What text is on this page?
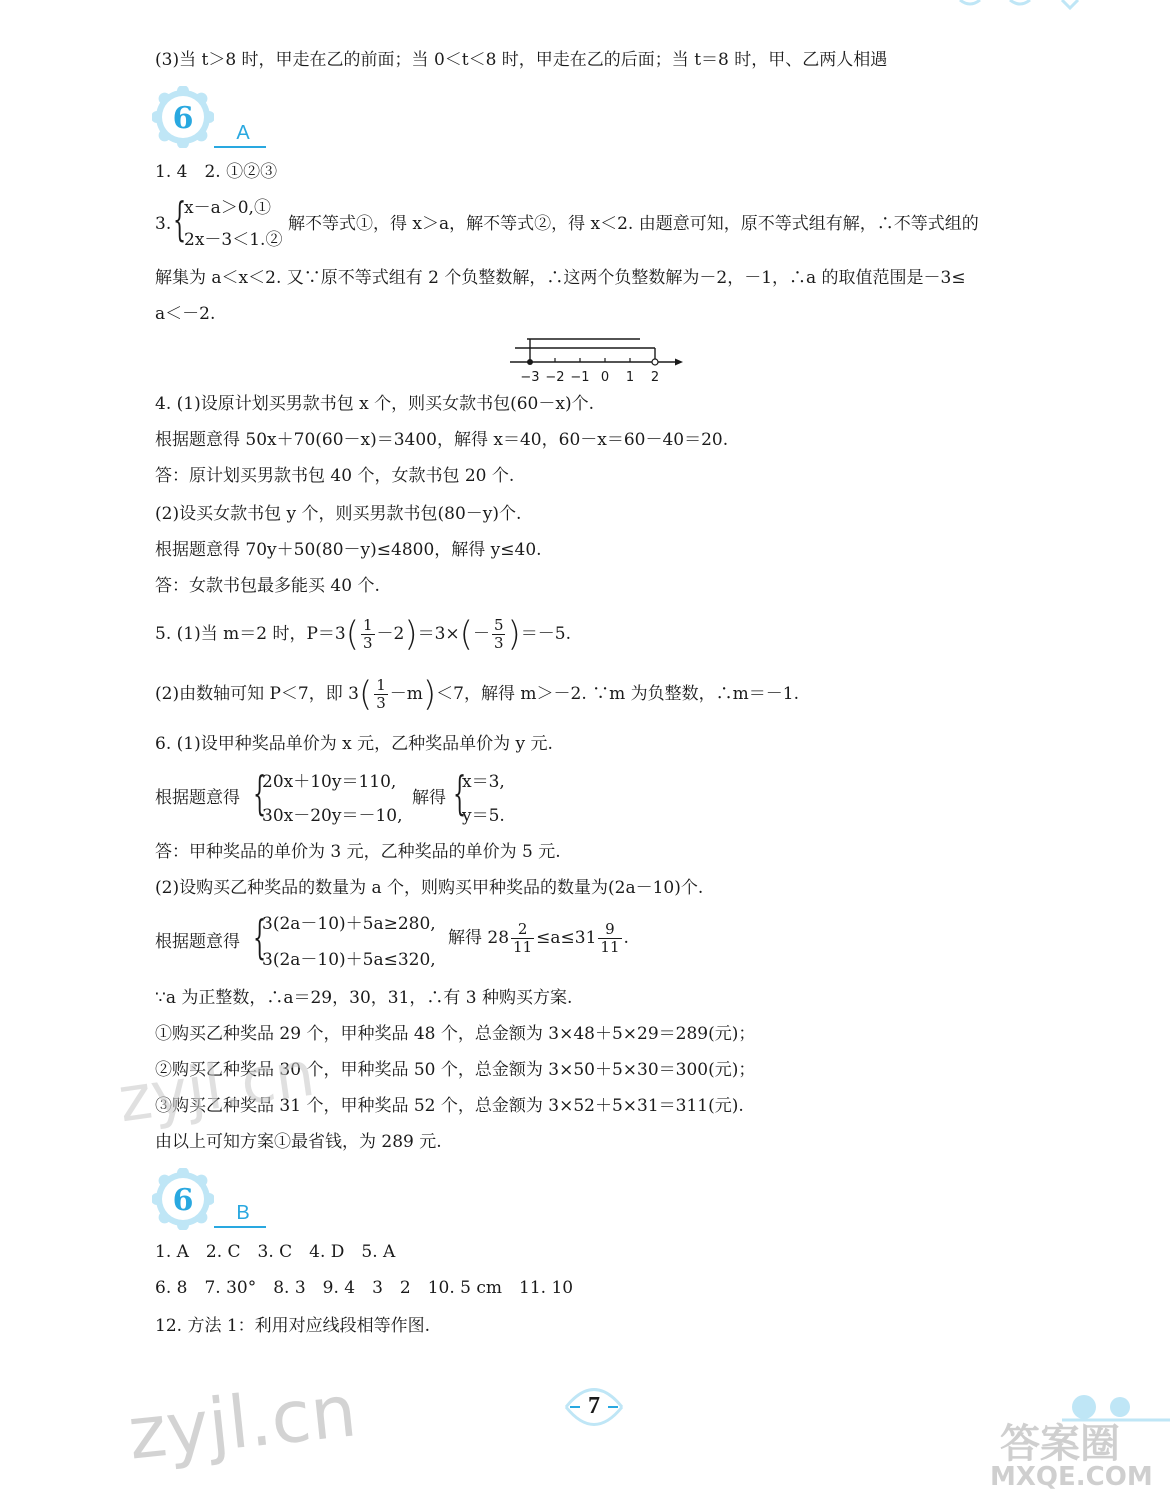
(3)当 t＞8 时，甲走在乙的前面；当 0＜t＜8 时，甲走在乙的后面；当 t＝8 时，甲、乙两人相遇
6	A
1. 4　2. ①②③
3. {
x－a＞0,①
2x－3＜1.②
解不等式①，得 x＞a，解不等式②，得 x＜2. 由题意可知，原不等式组有解，∴不等式组的
解集为 a＜x＜2. 又∵原不等式组有 2 个负整数解，∴这两个负整数解为－2，－1，∴a 的取值范围是－3≤
a＜－2.
−3 −2 −1 0 1 2
4. (1)设原计划买男款书包 x 个，则买女款书包(60－x)个.
根据题意得 50x＋70(60－x)＝3400，解得 x＝40，60－x＝60－40＝20.
答：原计划买男款书包 40 个，女款书包 20 个.
(2)设买女款书包 y 个，则买男款书包(80－y)个.
根据题意得 70y＋50(80－y)≤4800，解得 y≤40.
答：女款书包最多能买 40 个.
5. (1)当 m＝2 时，$P=3( \frac{1}{3} -2)=3\times(- \frac{5}{3} )=-5$.
(2)由数轴可知 P＜7，即 $3( \frac{1}{3} -m)<7$，解得 m＞－2. ∵m 为负整数，∴m＝－1.
6. (1)设甲种奖品单价为 x 元，乙种奖品单价为 y 元.
根据题意得 {
20x＋10y＝110,
30x－20y＝－10,
解得 {
x＝3,
y＝5.
答：甲种奖品的单价为 3 元，乙种奖品的单价为 5 元.
(2)设购买乙种奖品的数量为 a 个，则购买甲种奖品的数量为(2a－10)个.
根据题意得 {
3(2a－10)＋5a≥280,
3(2a－10)＋5a≤320,
解得 $28 \frac{2}{11} \le a\le 31 \frac{9}{11}$ .
∵a 为正整数，∴a＝29，30，31，∴有 3 种购买方案.
①购买乙种奖品 29 个，甲种奖品 48 个，总金额为 3×48＋5×29＝289(元)；
②购买乙种奖品 30 个，甲种奖品 50 个，总金额为 3×50＋5×30＝300(元)；
③购买乙种奖品 31 个，甲种奖品 52 个，总金额为 3×52＋5×31＝311(元).
由以上可知方案①最省钱，为 289 元.
6	B
1. A　2. C　3. C　4. D　5. A
6. 8　7. 30°　8. 3　9. 4　3　2　10. 5 cm　11. 10
12. 方法 1：利用对应线段相等作图.
7
zyjl.cn
zyjl.cn	答案圈
MXQE.COM
